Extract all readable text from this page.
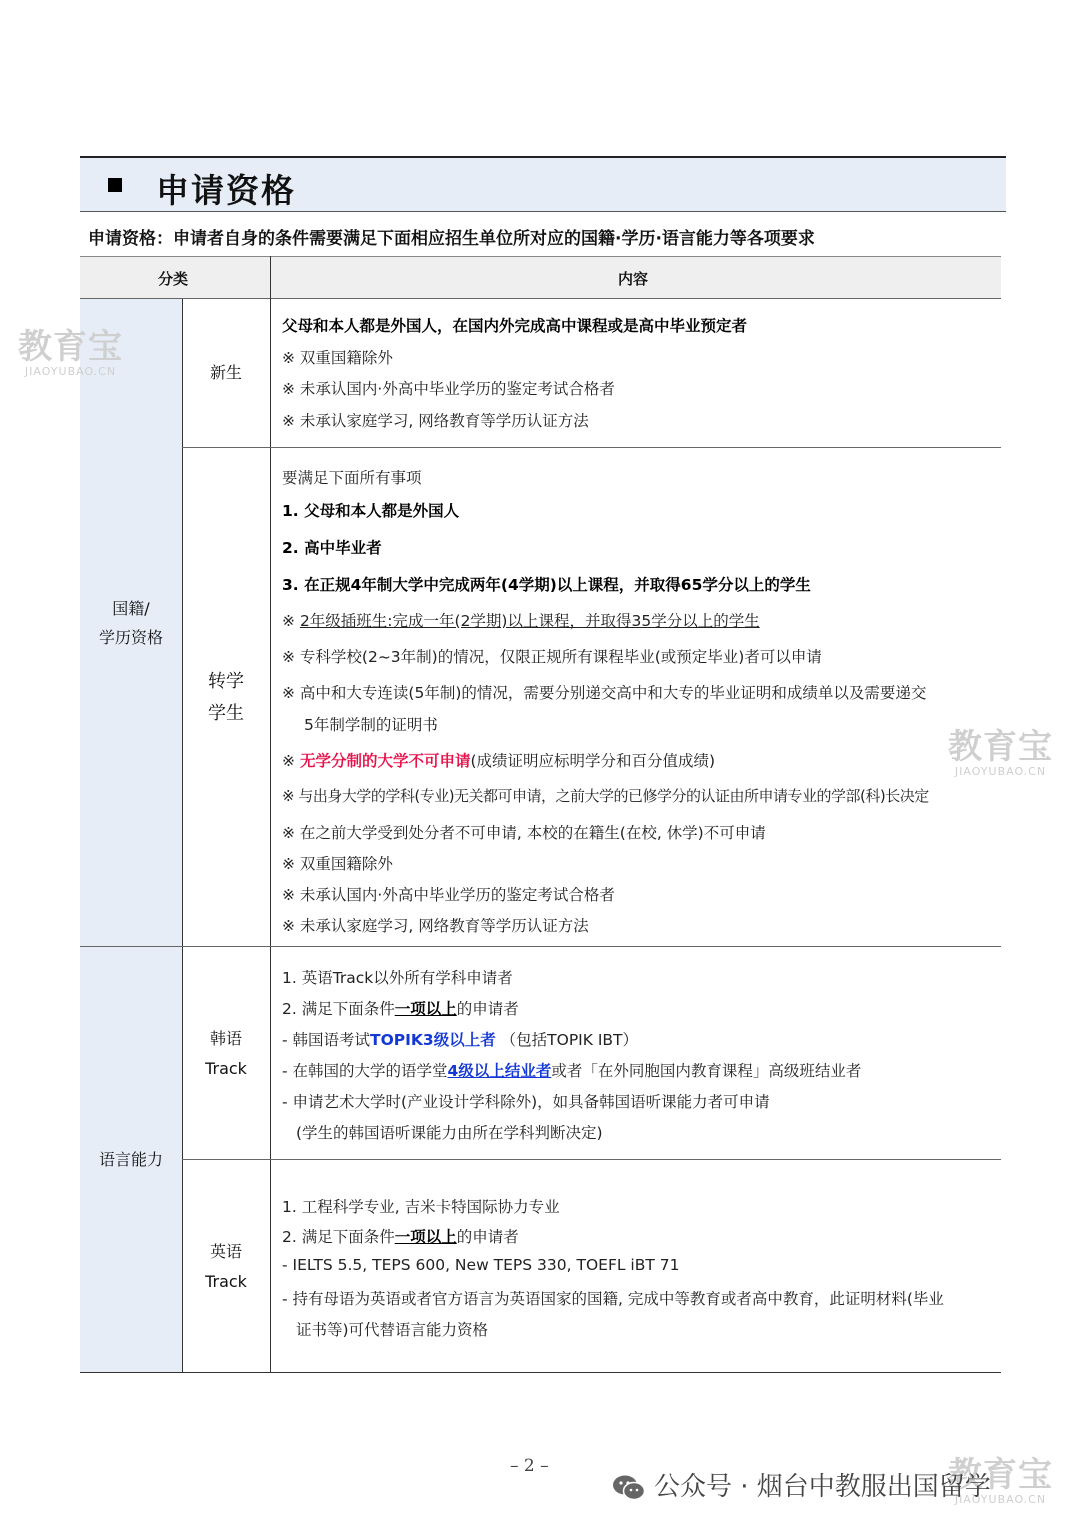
申请资格
申请资格：申请者自身的条件需要满足下面相应招生单位所对应的国籍·学历·语言能力等各项要求
分类	内容
国籍/
学历资格
语言能力
新生
转学
学生
韩语
Track
英语
Track
父母和本人都是外国人，在国内外完成高中课程或是高中毕业预定者
※ 双重国籍除外
※ 未承认国内·外高中毕业学历的鉴定考试合格者
※ 未承认家庭学习, 网络教育等学历认证方法
要满足下面所有事项
1. 父母和本人都是外国人
2. 高中毕业者
3. 在正规4年制大学中完成两年(4学期)以上课程，并取得65学分以上的学生
※ 2年级插班生:完成一年(2学期)以上课程，并取得35学分以上的学生
※ 专科学校(2~3年制)的情况，仅限正规所有课程毕业(或预定毕业)者可以申请
※ 高中和大专连读(5年制)的情况，需要分别递交高中和大专的毕业证明和成绩单以及需要递交
5年制学制的证明书
※ 无学分制的大学不可申请(成绩证明应标明学分和百分值成绩)
※ 与出身大学的学科(专业)无关都可申请，之前大学的已修学分的认证由所申请专业的学部(科)长决定
※ 在之前大学受到处分者不可申请, 本校的在籍生(在校, 休学)不可申请
※ 双重国籍除外
※ 未承认国内·外高中毕业学历的鉴定考试合格者
※ 未承认家庭学习, 网络教育等学历认证方法
1. 英语Track以外所有学科申请者
2. 满足下面条件一项以上的申请者
- 韩国语考试TOPIK3级以上者 （包括TOPIK IBT）
- 在韩国的大学的语学堂4级以上结业者或者「在外同胞国内教育课程」高级班结业者
- 申请艺术大学时(产业设计学科除外)，如具备韩国语听课能力者可申请
(学生的韩国语听课能力由所在学科判断决定)
1. 工程科学专业, 吉米卡特国际协力专业
2. 满足下面条件一项以上的申请者
- IELTS 5.5, TEPS 600, New TEPS 330, TOEFL iBT 71
- 持有母语为英语或者官方语言为英语国家的国籍, 完成中等教育或者高中教育，此证明材料(毕业
证书等)可代替语言能力资格
教育宝
JIAOYUBAO.CN
教育宝
JIAOYUBAO.CN
教育宝
JIAOYUBAO.CN
– 2 –
公众号 · 烟台中教服出国留学
